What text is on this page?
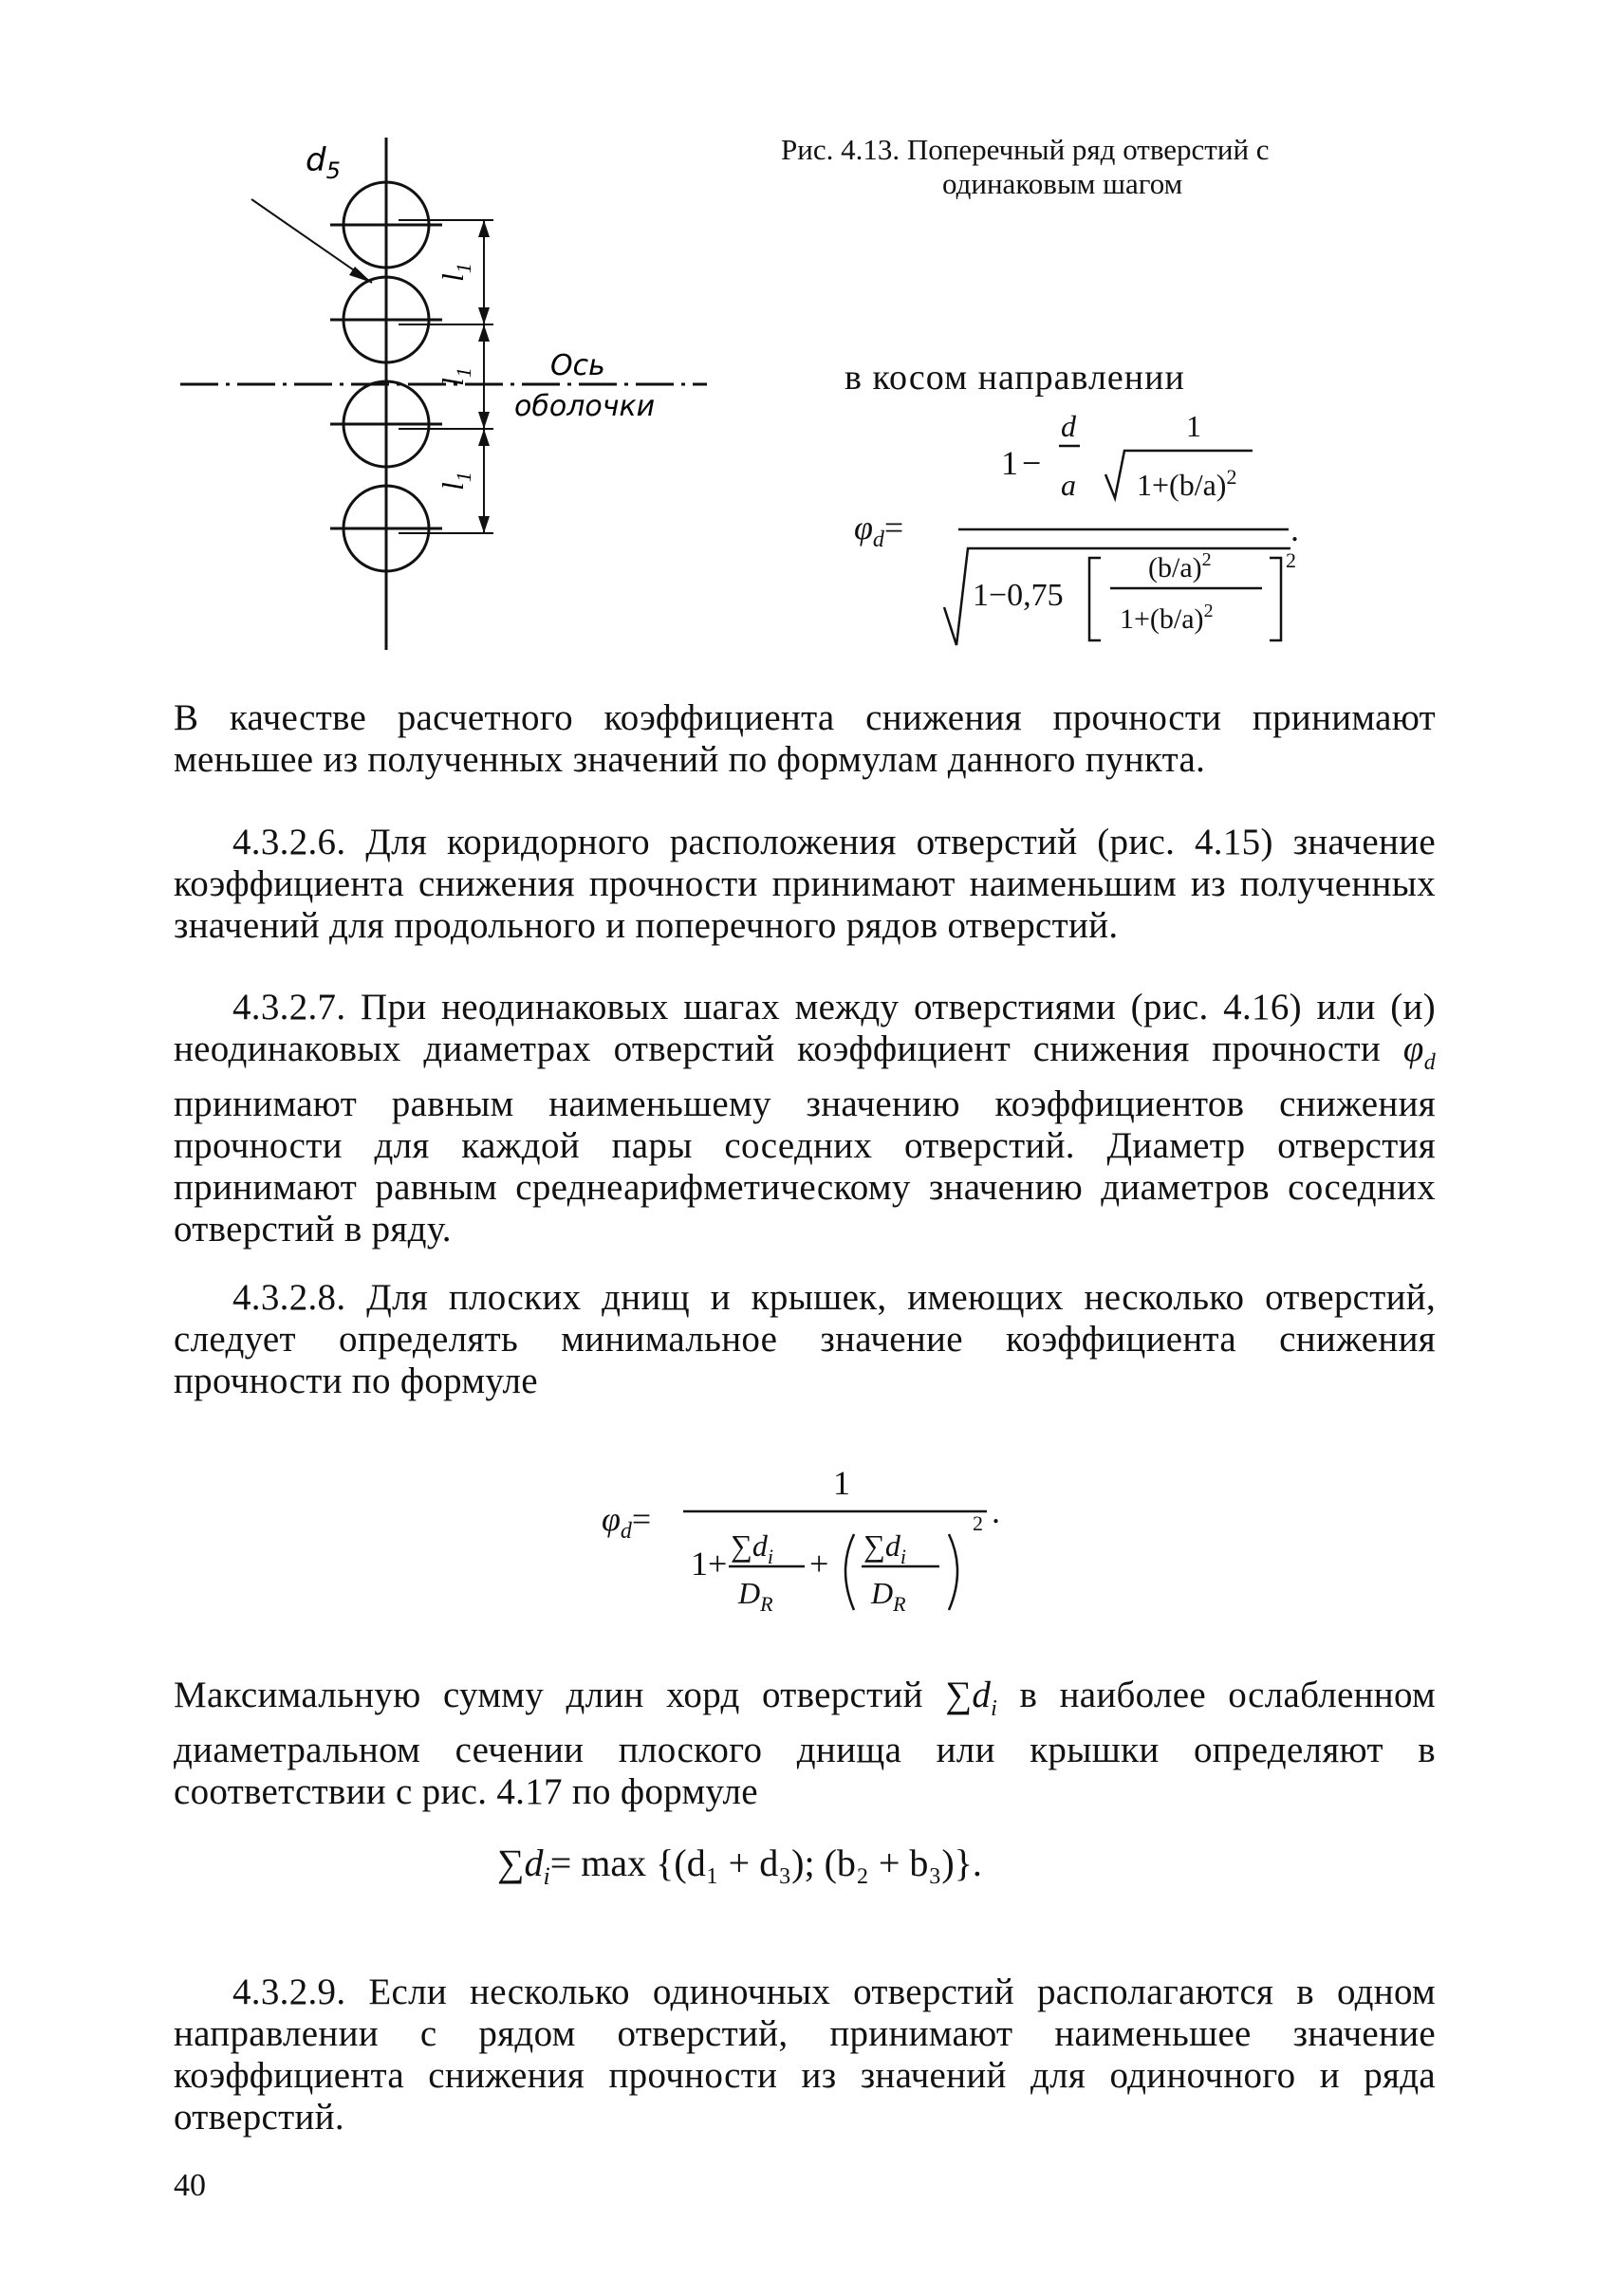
$d_5$
$l_1$
$l_1$
$l_1$
Ось
оболочки
Рис. 4.13. Поперечный ряд отверстий с
одинаковым шагом
в косом направлении
$\varphi_d=$
1 −
d
a
1
$1+(b/a)^2$
1−0,75
$(b/a)^2$
$1+(b/a)^2$
2
.
В качестве расчетного коэффициента снижения прочности принимают меньшее из полученных значений по формулам данного пункта.
4.3.2.6. Для коридорного расположения отверстий (рис. 4.15) значение коэффициента снижения прочности принимают наименьшим из полученных значений для продольного и поперечного рядов отверстий.
4.3.2.7. При неодинаковых шагах между отверстиями (рис. 4.16) или (и) неодинаковых диаметрах отверстий коэффициент снижения прочности $\varphi_d$ принимают равным наименьшему значению коэффициентов снижения прочности для каждой пары соседних отверстий. Диаметр отверстия принимают равным среднеарифметическому значению диаметров соседних отверстий в ряду.
4.3.2.8. Для плоских днищ и крышек, имеющих несколько отверстий, следует определять минимальное значение коэффициента снижения прочности по формуле
$\varphi_d=$
1
$1+ \sum d_i$
$D_R$
+ $\sum d_i$
$D_R$
2 .
Максимальную сумму длин хорд отверстий $\sum d_i$ в наиболее ослабленном диаметральном сечении плоского днища или крышки определяют в соответствии с рис. 4.17 по формуле
$\sum d_i= \max \{(d_1 + d_3)$; (b₂ + b₃)}.
4.3.2.9. Если несколько одиночных отверстий располагаются в одном направлении с рядом отверстий, принимают наименьшее значение коэффициента снижения прочности из значений для одиночного и ряда отверстий.
40
